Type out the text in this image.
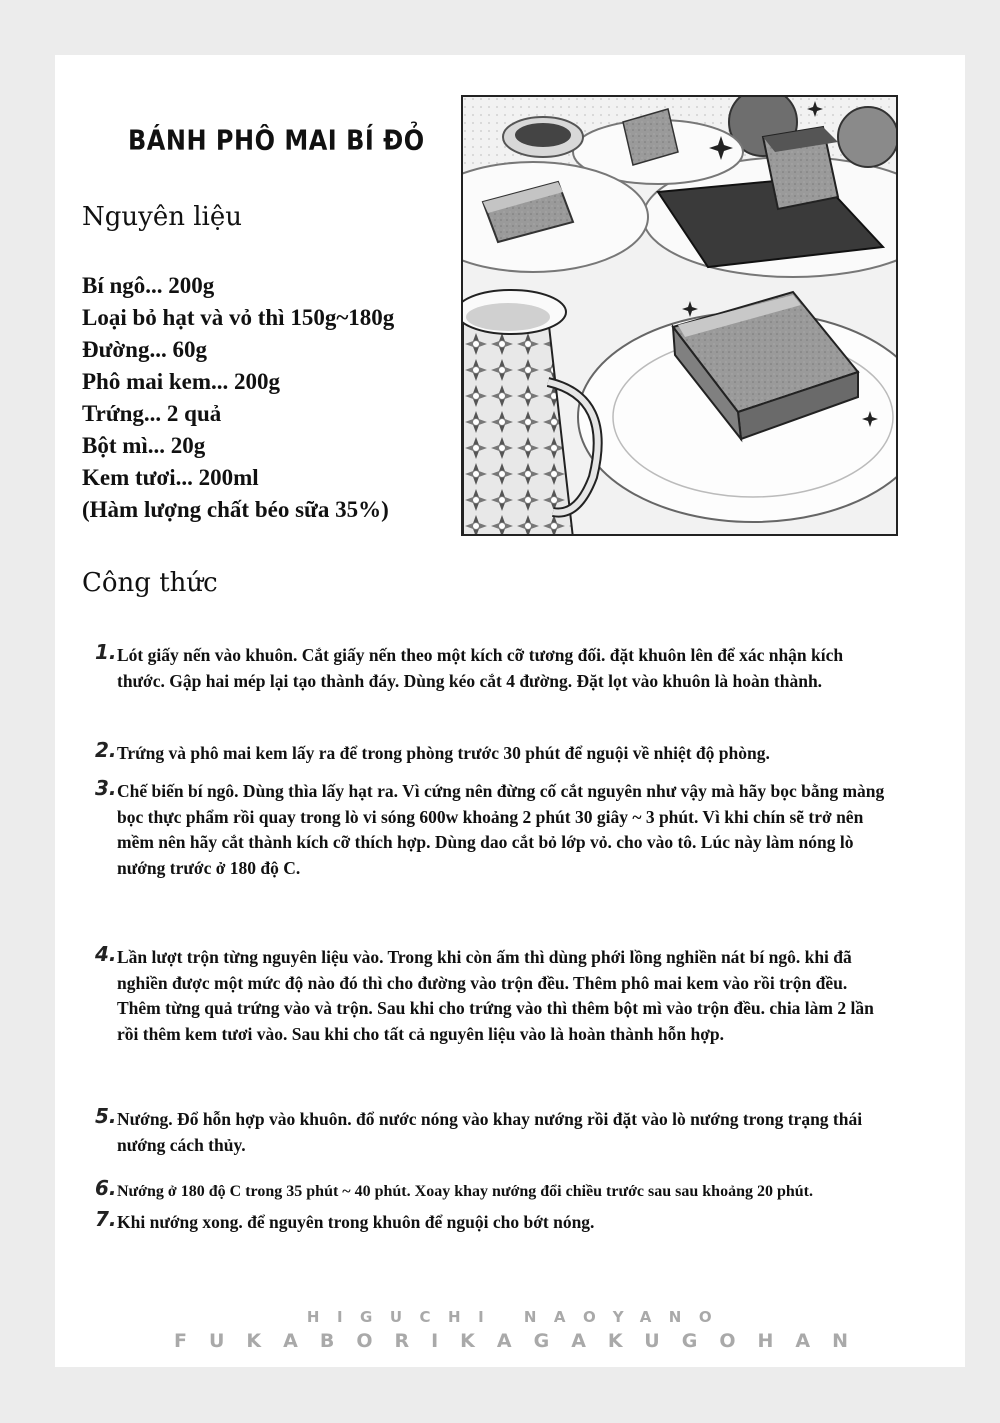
BÁNH PHÔ MAI BÍ ĐỎ
Nguyên liệu
Bí ngô... 200g
Loại bỏ hạt và vỏ thì 150g~180g
Đường... 60g
Phô mai kem... 200g
Trứng... 2 quả
Bột mì... 20g
Kem tươi... 200ml
(Hàm lượng chất béo sữa 35%)
Công thức
1. Lót giấy nến vào khuôn. Cắt giấy nến theo một kích cỡ tương đối. đặt khuôn lên để xác nhận kích thước. Gập hai mép lại tạo thành đáy. Dùng kéo cắt 4 đường. Đặt lọt vào khuôn là hoàn thành.
2. Trứng và phô mai kem lấy ra để trong phòng trước 30 phút để nguội về nhiệt độ phòng.
3. Chế biến bí ngô. Dùng thìa lấy hạt ra. Vì cứng nên đừng cố cắt nguyên như vậy mà hãy bọc bằng màng bọc thực phẩm rồi quay trong lò vi sóng 600w khoảng 2 phút 30 giây ~ 3 phút. Vì khi chín sẽ trở nên mềm nên hãy cắt thành kích cỡ thích hợp. Dùng dao cắt bỏ lớp vỏ. cho vào tô. Lúc này làm nóng lò nướng trước ở 180 độ C.
4. Lần lượt trộn từng nguyên liệu vào. Trong khi còn ấm thì dùng phới lồng nghiền nát bí ngô. khi đã nghiền được một mức độ nào đó thì cho đường vào trộn đều. Thêm phô mai kem vào rồi trộn đều. Thêm từng quả trứng vào và trộn. Sau khi cho trứng vào thì thêm bột mì vào trộn đều. chia làm 2 lần rồi thêm kem tươi vào. Sau khi cho tất cả nguyên liệu vào là hoàn thành hỗn hợp.
5. Nướng. Đổ hỗn hợp vào khuôn. đổ nước nóng vào khay nướng rồi đặt vào lò nướng trong trạng thái nướng cách thủy.
6. Nướng ở 180 độ C trong 35 phút ~ 40 phút. Xoay khay nướng đổi chiều trước sau sau khoảng 20 phút.
7. Khi nướng xong. để nguyên trong khuôn để nguội cho bớt nóng.
HIGUCHI NAOYANO
FUKABORIKAGAKUGOHAN
